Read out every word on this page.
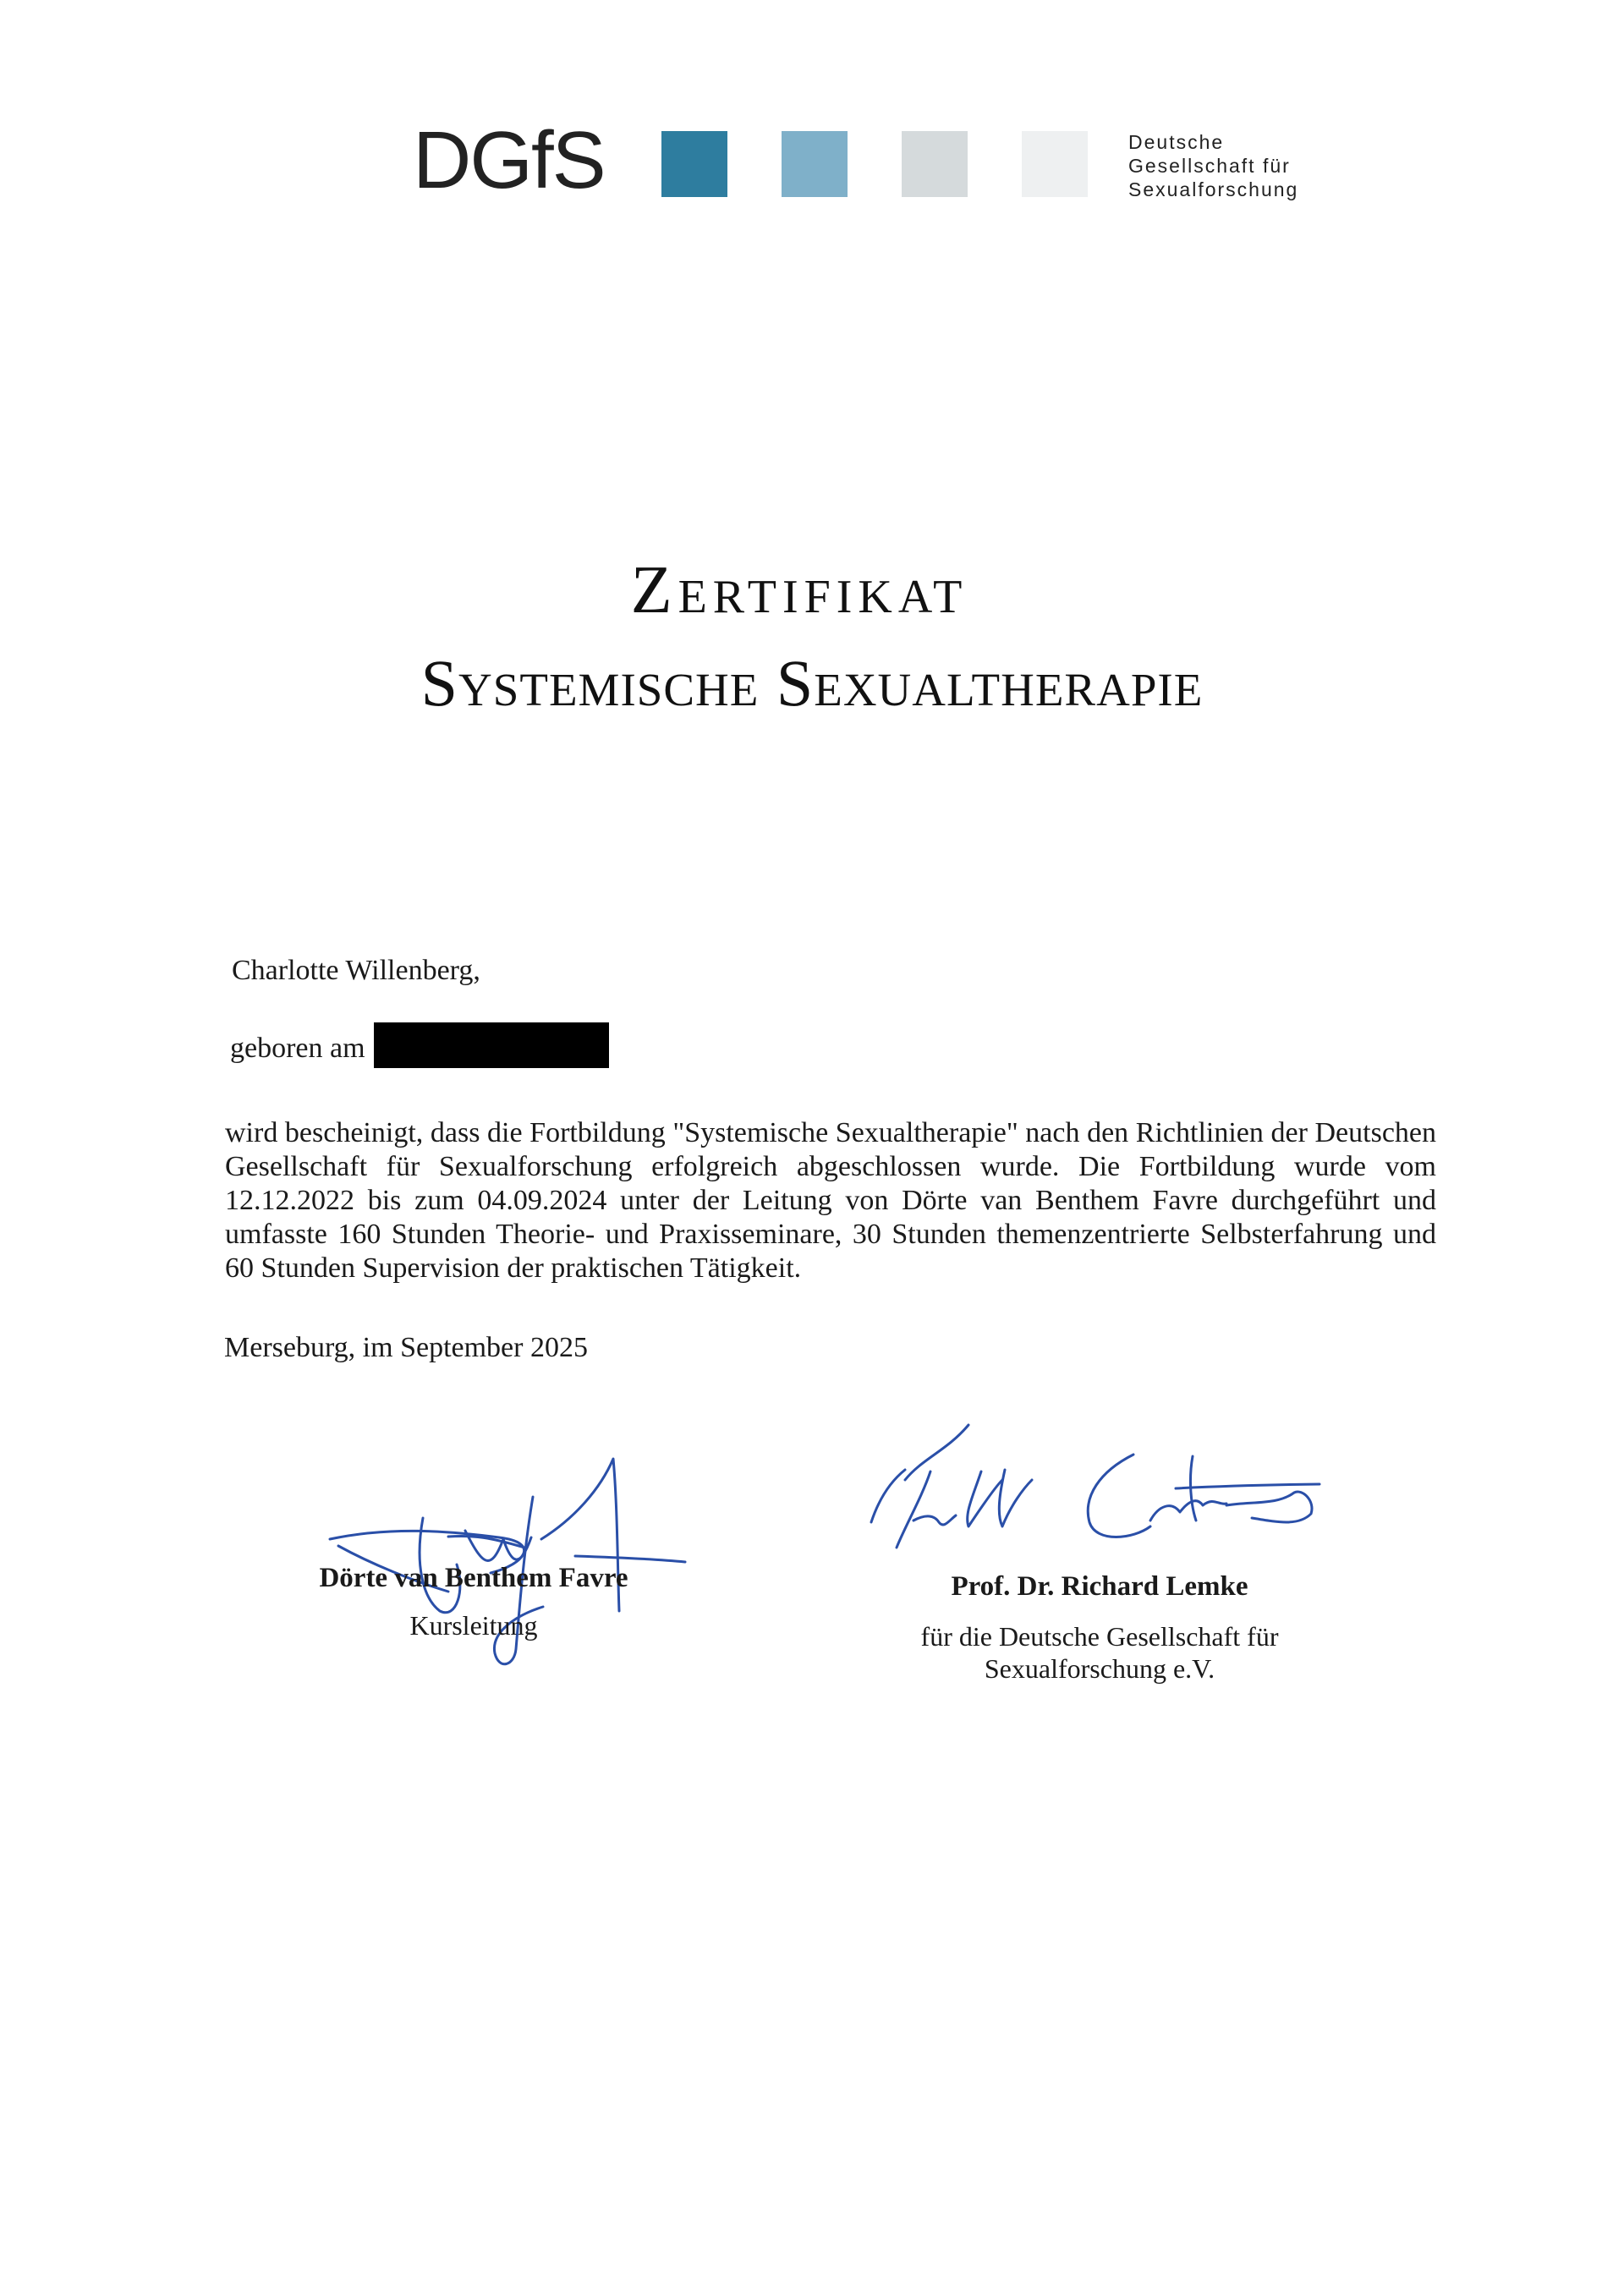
DGfS	Deutsche
Gesellschaft für
Sexualforschung
Zertifikat
Systemische Sexualtherapie
Charlotte Willenberg,
geboren am
wird bescheinigt, dass die Fortbildung "Systemische Sexualtherapie" nach den Richtlinien der Deutschen Gesellschaft für Sexualforschung erfolgreich abgeschlossen wurde. Die Fortbildung wurde vom 12.12.2022 bis zum 04.09.2024 unter der Leitung von Dörte van Benthem Favre durchgeführt und umfasste 160 Stunden Theorie- und Praxisseminare, 30 Stunden themenzentrierte Selbsterfahrung und 60 Stunden Supervision der praktischen Tätigkeit.
Merseburg, im September 2025
Dörte van Benthem Favre
Kursleitung
Prof. Dr. Richard Lemke
für die Deutsche Gesellschaft für
Sexualforschung e.V.
